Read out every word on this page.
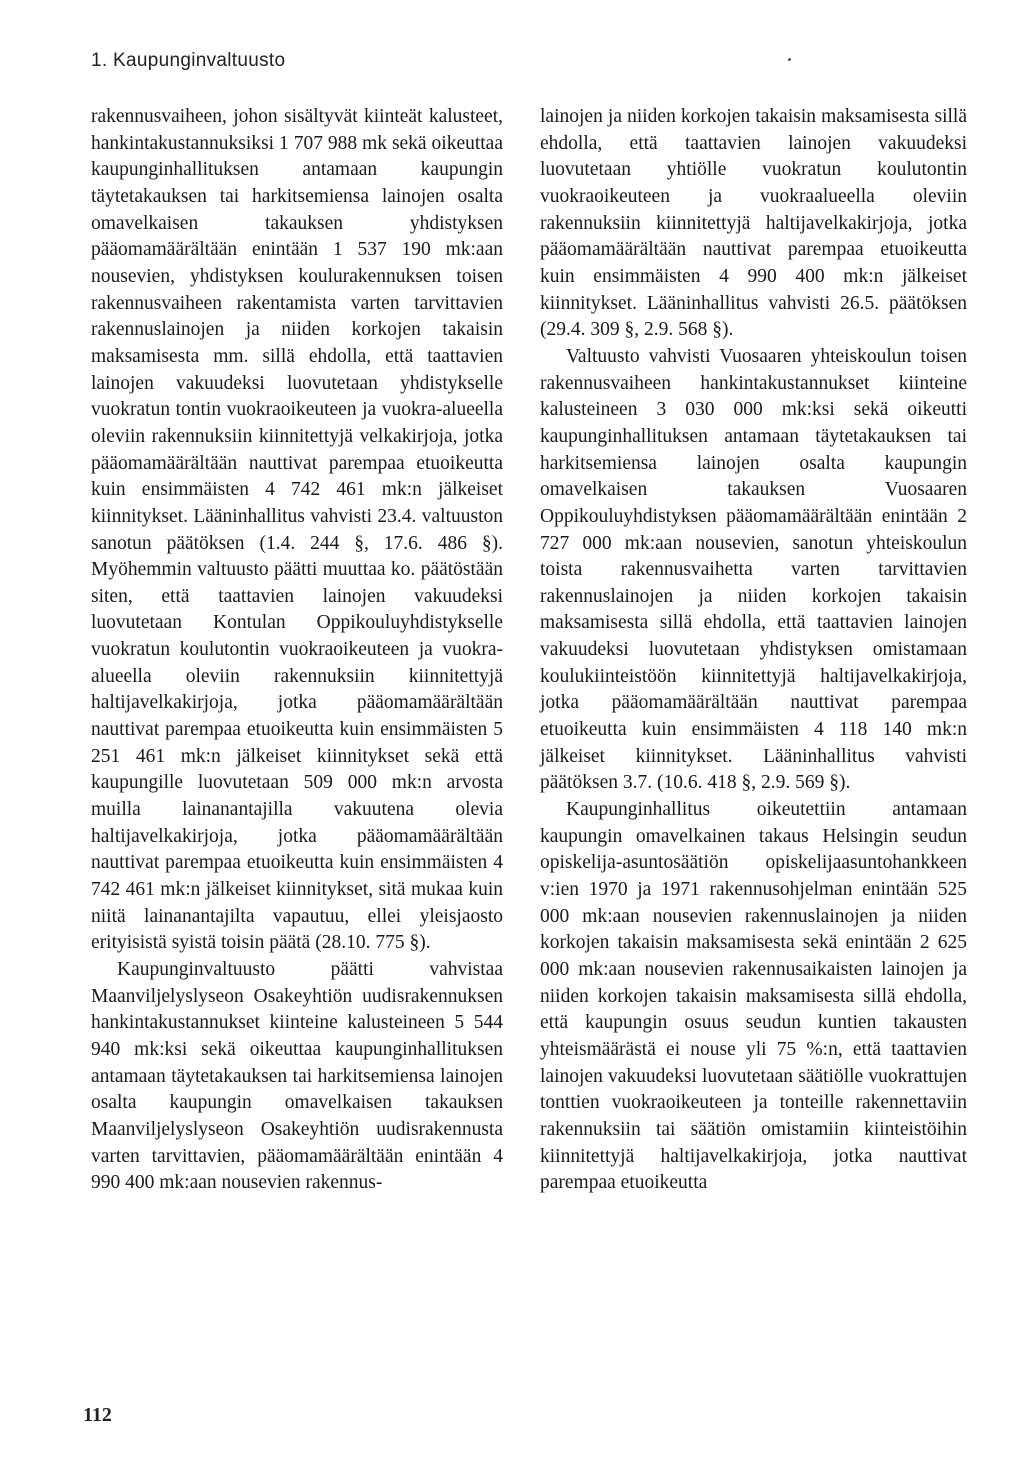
1. Kaupunginvaltuusto

rakennusvaiheen, johon sisältyvät kiinteät kalusteet, hankintakustannuksiksi 1 707 988 mk sekä oikeuttaa kaupunginhallituksen antamaan kaupungin täytetakauksen tai harkitsemiensa lainojen osalta omavelkaisen takauksen yhdistyksen pääomamäärältään enintään 1 537 190 mk:aan nousevien, yhdistyksen koulurakennuksen toisen rakennusvaiheen rakentamista varten tarvittavien rakennuslainojen ja niiden korkojen takaisin maksamisesta mm. sillä ehdolla, että taattavien lainojen vakuudeksi luovutetaan yhdistykselle vuokratun tontin vuokraoikeuteen ja vuokra-alueella oleviin rakennuksiin kiinnitettyjä velkakirjoja, jotka pääomamäärältään nauttivat parempaa etuoikeutta kuin ensimmäisten 4 742 461 mk:n jälkeiset kiinnitykset. Lääninhallitus vahvisti 23.4. valtuuston sanotun päätöksen (1.4. 244 §, 17.6. 486 §). Myöhemmin valtuusto päätti muuttaa ko. päätöstään siten, että taattavien lainojen vakuudeksi luovutetaan Kontulan Oppikouluyhdistykselle vuokratun koulutontin vuokraoikeuteen ja vuokra-alueella oleviin rakennuksiin kiinnitettyjä haltijavelkakirjoja, jotka pääomamäärältään nauttivat parempaa etuoikeutta kuin ensimmäisten 5 251 461 mk:n jälkeiset kiinnitykset sekä että kaupungille luovutetaan 509 000 mk:n arvosta muilla lainanantajilla vakuutena olevia haltijavelkakirjoja, jotka pääomamäärältään nauttivat parempaa etuoikeutta kuin ensimmäisten 4 742 461 mk:n jälkeiset kiinnitykset, sitä mukaa kuin niitä lainanantajilta vapautuu, ellei yleisjaosto erityisistä syistä toisin päätä (28.10. 775 §).

Kaupunginvaltuusto päätti vahvistaa Maanviljelyslyseon Osakeyhtiön uudisrakennuksen hankintakustannukset kiinteine kalusteineen 5 544 940 mk:ksi sekä oikeuttaa kaupunginhallituksen antamaan täytetakauksen tai harkitsemiensa lainojen osalta kaupungin omavelkaisen takauksen Maanviljelyslyseon Osakeyhtiön uudisrakennusta varten tarvittavien, pääomamäärältään enintään 4 990 400 mk:aan nousevien rakennus-

lainojen ja niiden korkojen takaisin maksamisesta sillä ehdolla, että taattavien lainojen vakuudeksi luovutetaan yhtiölle vuokratun koulutontin vuokraoikeuteen ja vuokraalueella oleviin rakennuksiin kiinnitettyjä haltijavelkakirjoja, jotka pääomamäärältään nauttivat parempaa etuoikeutta kuin ensimmäisten 4 990 400 mk:n jälkeiset kiinnitykset. Lääninhallitus vahvisti 26.5. päätöksen (29.4. 309 §, 2.9. 568 §).

Valtuusto vahvisti Vuosaaren yhteiskoulun toisen rakennusvaiheen hankintakustannukset kiinteine kalusteineen 3 030 000 mk:ksi sekä oikeutti kaupunginhallituksen antamaan täytetakauksen tai harkitsemiensa lainojen osalta kaupungin omavelkaisen takauksen Vuosaaren Oppikouluyhdistyksen pääomamäärältään enintään 2 727 000 mk:aan nousevien, sanotun yhteiskoulun toista rakennusvaihetta varten tarvittavien rakennuslainojen ja niiden korkojen takaisin maksamisesta sillä ehdolla, että taattavien lainojen vakuudeksi luovutetaan yhdistyksen omistamaan koulukiinteistöön kiinnitettyjä haltijavelkakirjoja, jotka pääomamäärältään nauttivat parempaa etuoikeutta kuin ensimmäisten 4 118 140 mk:n jälkeiset kiinnitykset. Lääninhallitus vahvisti päätöksen 3.7. (10.6. 418 §, 2.9. 569 §).

Kaupunginhallitus oikeutettiin antamaan kaupungin omavelkainen takaus Helsingin seudun opiskelija-asuntosäätiön opiskelijaasuntohankkeen v:ien 1970 ja 1971 rakennusohjelman enintään 525 000 mk:aan nousevien rakennuslainojen ja niiden korkojen takaisin maksamisesta sekä enintään 2 625 000 mk:aan nousevien rakennusaikaisten lainojen ja niiden korkojen takaisin maksamisesta sillä ehdolla, että kaupungin osuus seudun kuntien takausten yhteismäärästä ei nouse yli 75 %:n, että taattavien lainojen vakuudeksi luovutetaan säätiölle vuokrattujen tonttien vuokraoikeuteen ja tonteille rakennettaviin rakennuksiin tai säätiön omistamiin kiinteistöihin kiinnitettyjä haltijavelkakirjoja, jotka nauttivat parempaa etuoikeutta

112
